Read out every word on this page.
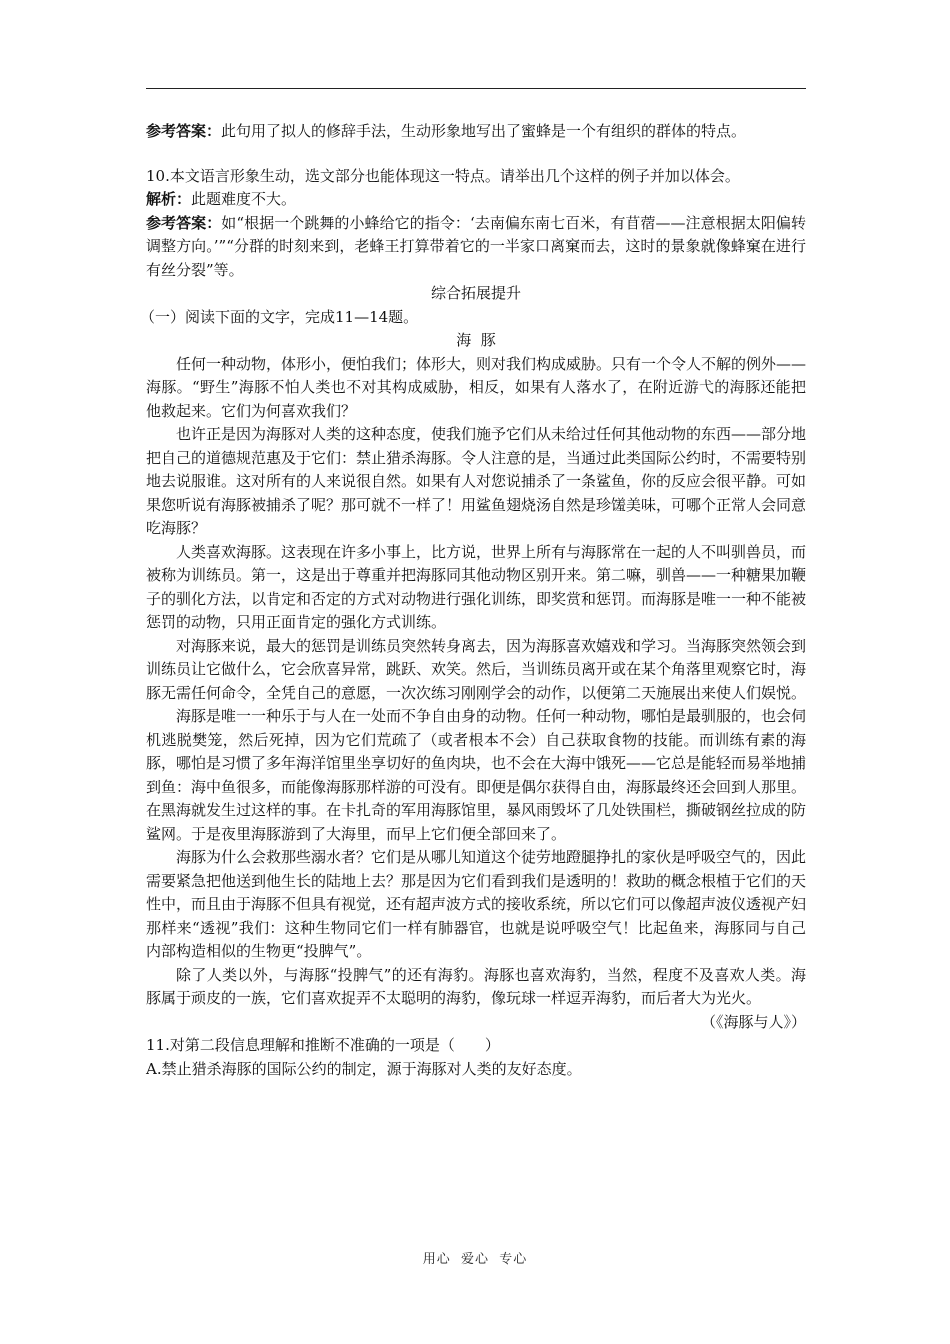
参考答案：此句用了拟人的修辞手法，生动形象地写出了蜜蜂是一个有组织的群体的特点。

10.本文语言形象生动，选文部分也能体现这一特点。请举出几个这样的例子并加以体会。

解析：此题难度不大。

参考答案：如“根据一个跳舞的小蜂给它的指令：‘去南偏东南七百米，有苜蓿——注意根据太阳偏转调整方向。’”“分群的时刻来到，老蜂王打算带着它的一半家口离窠而去，这时的景象就像蜂窠在进行有丝分裂”等。

综合拓展提升

（一）阅读下面的文字，完成11—14题。

海  豚

任何一种动物，体形小，便怕我们；体形大，则对我们构成威胁。只有一个令人不解的例外——海豚。“野生”海豚不怕人类也不对其构成威胁，相反，如果有人落水了，在附近游弋的海豚还能把他救起来。它们为何喜欢我们？

也许正是因为海豚对人类的这种态度，使我们施予它们从未给过任何其他动物的东西——部分地把自己的道德规范惠及于它们：禁止猎杀海豚。令人注意的是，当通过此类国际公约时，不需要特别地去说服谁。这对所有的人来说很自然。如果有人对您说捕杀了一条鲨鱼，你的反应会很平静。可如果您听说有海豚被捕杀了呢？那可就不一样了！用鲨鱼翅烧汤自然是珍馐美味，可哪个正常人会同意吃海豚？

人类喜欢海豚。这表现在许多小事上，比方说，世界上所有与海豚常在一起的人不叫驯兽员，而被称为训练员。第一，这是出于尊重并把海豚同其他动物区别开来。第二嘛，驯兽——一种糖果加鞭子的驯化方法，以肯定和否定的方式对动物进行强化训练，即奖赏和惩罚。而海豚是唯一一种不能被惩罚的动物，只用正面肯定的强化方式训练。

对海豚来说，最大的惩罚是训练员突然转身离去，因为海豚喜欢嬉戏和学习。当海豚突然领会到训练员让它做什么，它会欣喜异常，跳跃、欢笑。然后，当训练员离开或在某个角落里观察它时，海豚无需任何命令，全凭自己的意愿，一次次练习刚刚学会的动作，以便第二天施展出来使人们娱悦。

海豚是唯一一种乐于与人在一处而不争自由身的动物。任何一种动物，哪怕是最驯服的，也会伺机逃脱樊笼，然后死掉，因为它们荒疏了（或者根本不会）自己获取食物的技能。而训练有素的海豚，哪怕是习惯了多年海洋馆里坐享切好的鱼肉块，也不会在大海中饿死——它总是能轻而易举地捕到鱼：海中鱼很多，而能像海豚那样游的可没有。即便是偶尔获得自由，海豚最终还会回到人那里。在黑海就发生过这样的事。在卡扎奇的军用海豚馆里，暴风雨毁坏了几处铁围栏，撕破钢丝拉成的防鲨网。于是夜里海豚游到了大海里，而早上它们便全部回来了。

海豚为什么会救那些溺水者？它们是从哪儿知道这个徒劳地蹬腿挣扎的家伙是呼吸空气的，因此需要紧急把他送到他生长的陆地上去？那是因为它们看到我们是透明的！救助的概念根植于它们的天性中，而且由于海豚不但具有视觉，还有超声波方式的接收系统，所以它们可以像超声波仪透视产妇那样来“透视”我们：这种生物同它们一样有肺器官，也就是说呼吸空气！比起鱼来，海豚同与自己内部构造相似的生物更“投脾气”。

除了人类以外，与海豚“投脾气”的还有海豹。海豚也喜欢海豹，当然，程度不及喜欢人类。海豚属于顽皮的一族，它们喜欢捉弄不太聪明的海豹，像玩球一样逗弄海豹，而后者大为光火。

（《海豚与人》）

11.对第二段信息理解和推断不准确的一项是（　　）

A.禁止猎杀海豚的国际公约的制定，源于海豚对人类的友好态度。

用心  爱心  专心
